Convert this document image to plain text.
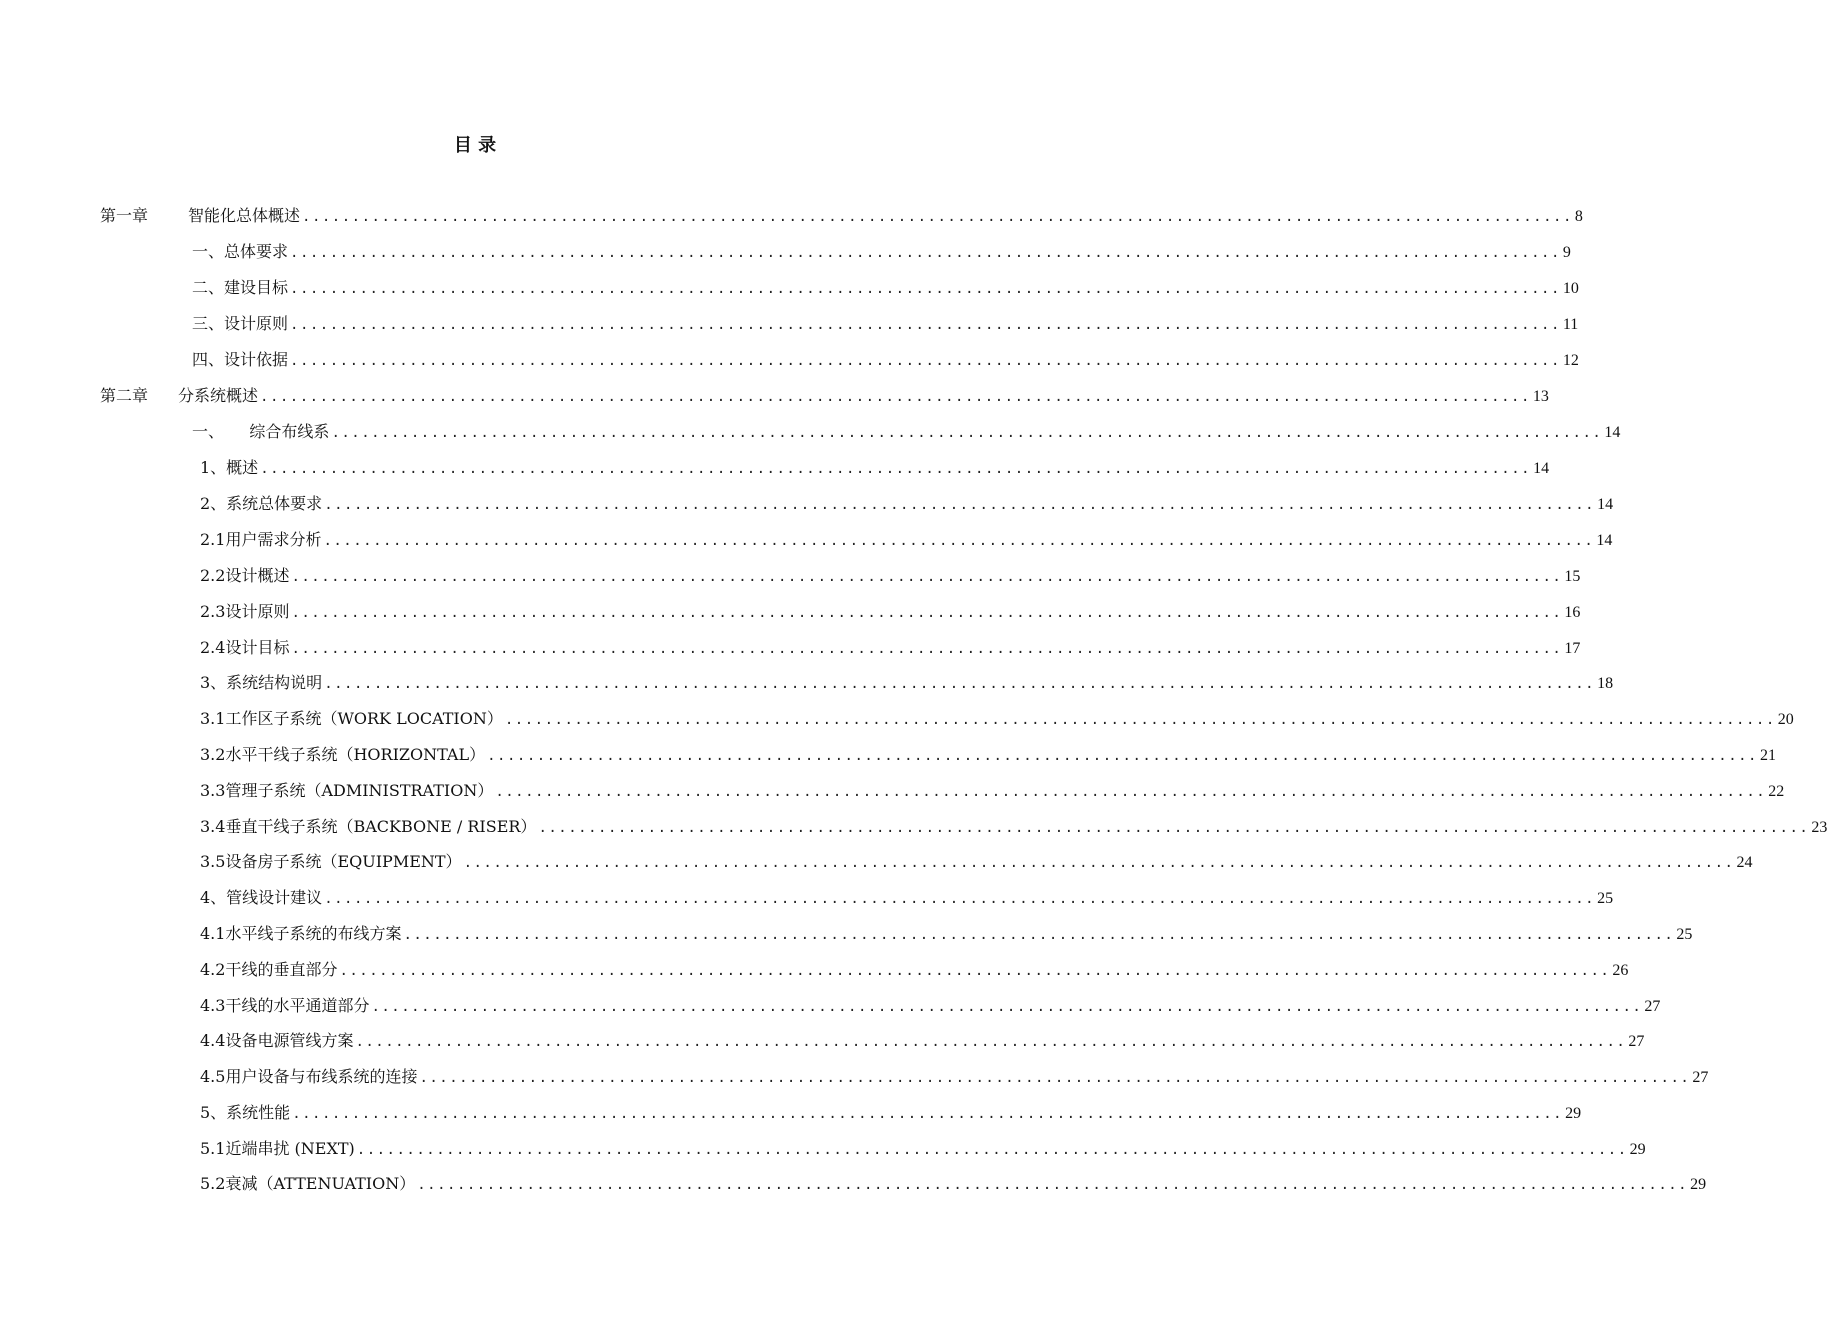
目 录
第一章 智能化总体概述 ................................................................................................................................ 8
一、总体要求 ................................................................................................................................ 9
二、建设目标 ................................................................................................................................ 10
三、设计原则 ................................................................................................................................ 11
四、设计依据 ................................................................................................................................ 12
第二章 分系统概述 ................................................................................................................................ 13
一、     综合布线系 ................................................................................................................................ 14
1、概述 ................................................................................................................................ 14
2、系统总体要求 ................................................................................................................................ 14
2.1用户需求分析 ................................................................................................................................ 14
2.2设计概述 ................................................................................................................................ 15
2.3设计原则 ................................................................................................................................ 16
2.4设计目标 ................................................................................................................................ 17
3、系统结构说明 ................................................................................................................................ 18
3.1工作区子系统（WORK LOCATION） ................................................................................................................................ 20
3.2水平干线子系统（HORIZONTAL） ................................................................................................................................ 21
3.3管理子系统（ADMINISTRATION） ................................................................................................................................ 22
3.4垂直干线子系统（BACKBONE / RISER） ................................................................................................................................ 23
3.5设备房子系统（EQUIPMENT） ................................................................................................................................ 24
4、管线设计建议 ................................................................................................................................ 25
4.1水平线子系统的布线方案 ................................................................................................................................ 25
4.2干线的垂直部分 ................................................................................................................................ 26
4.3干线的水平通道部分 ................................................................................................................................ 27
4.4设备电源管线方案 ................................................................................................................................ 27
4.5用户设备与布线系统的连接 ................................................................................................................................ 27
5、系统性能 ................................................................................................................................ 29
5.1近端串扰 (NEXT) ................................................................................................................................ 29
5.2衰减（ATTENUATION） ................................................................................................................................ 29
